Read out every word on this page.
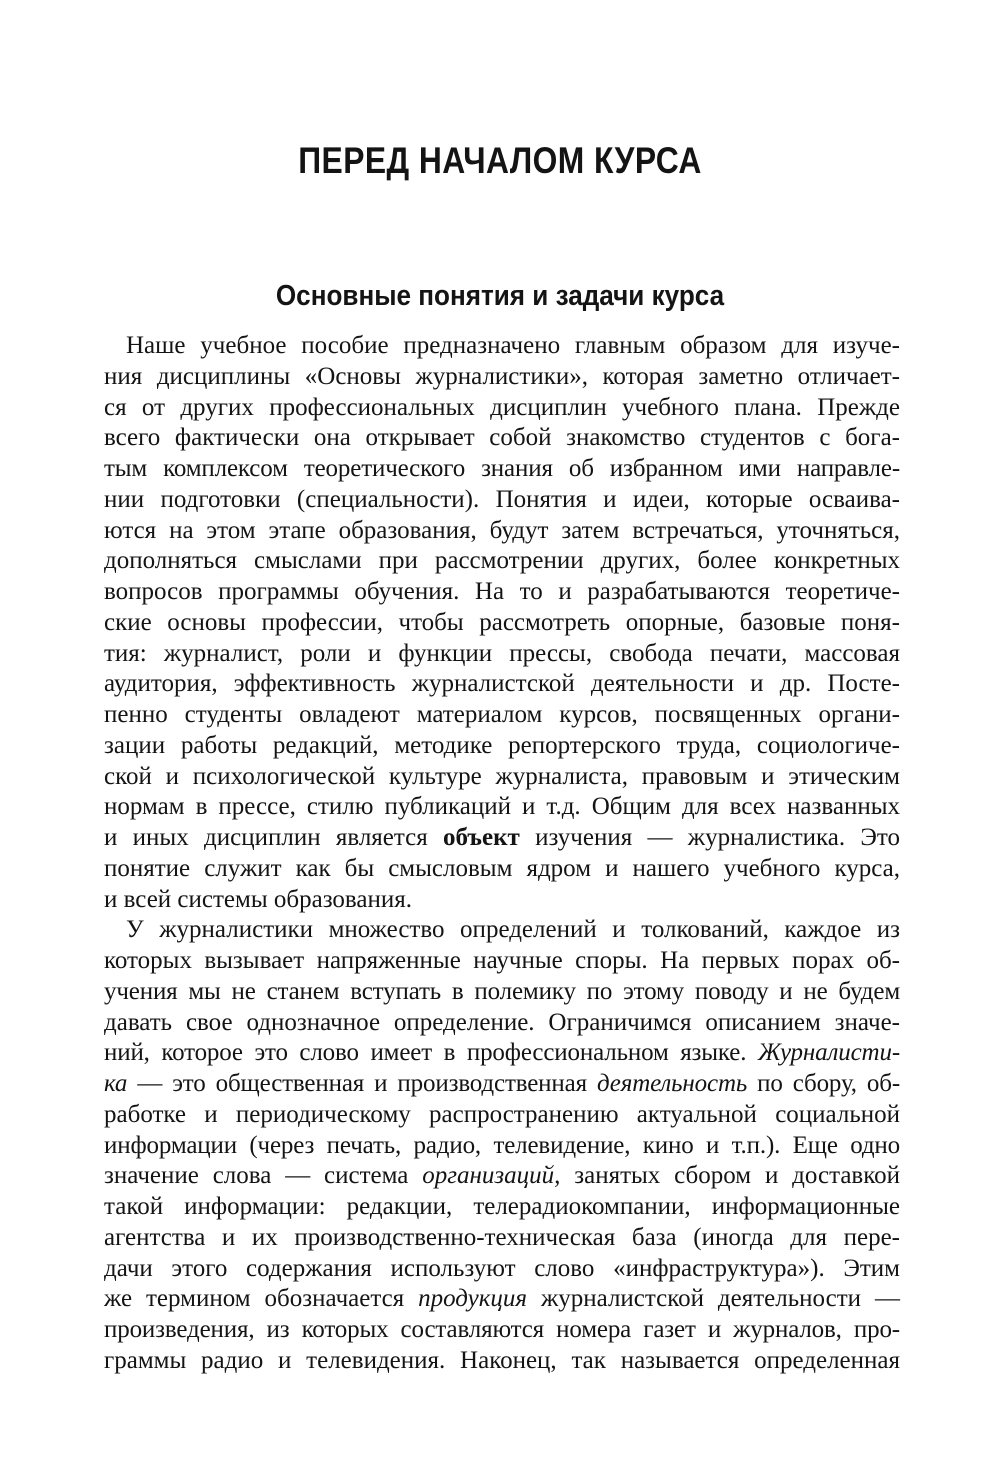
ПЕРЕД НАЧАЛОМ КУРСА
Основные понятия и задачи курса
Наше учебное пособие предназначено главным образом для изуче-
ния дисциплины «Основы журналистики», которая заметно отличает-
ся от других профессиональных дисциплин учебного плана. Прежде
всего фактически она открывает собой знакомство студентов с бога-
тым комплексом теоретического знания об избранном ими направле-
нии подготовки (специальности). Понятия и идеи, которые осваива-
ются на этом этапе образования, будут затем встречаться, уточняться,
дополняться смыслами при рассмотрении других, более конкретных
вопросов программы обучения. На то и разрабатываются теоретиче-
ские основы профессии, чтобы рассмотреть опорные, базовые поня-
тия: журналист, роли и функции прессы, свобода печати, массовая
аудитория, эффективность журналистской деятельности и др. Посте-
пенно студенты овладеют материалом курсов, посвященных органи-
зации работы редакций, методике репортерского труда, социологиче-
ской и психологической культуре журналиста, правовым и этическим
нормам в прессе, стилю публикаций и т.д. Общим для всех названных
и иных дисциплин является объект изучения — журналистика. Это
понятие служит как бы смысловым ядром и нашего учебного курса,
и всей системы образования.
У журналистики множество определений и толкований, каждое из
которых вызывает напряженные научные споры. На первых порах об-
учения мы не станем вступать в полемику по этому поводу и не будем
давать свое однозначное определение. Ограничимся описанием значе-
ний, которое это слово имеет в профессиональном языке. Журналисти-
ка — это общественная и производственная деятельность по сбору, об-
работке и периодическому распространению актуальной социальной
информации (через печать, радио, телевидение, кино и т.п.). Еще одно
значение слова — система организаций, занятых сбором и доставкой
такой информации: редакции, телерадиокомпании, информационные
агентства и их производственно-техническая база (иногда для пере-
дачи этого содержания используют слово «инфраструктура»). Этим
же термином обозначается продукция журналистской деятельности —
произведения, из которых составляются номера газет и журналов, про-
граммы радио и телевидения. Наконец, так называется определенная
